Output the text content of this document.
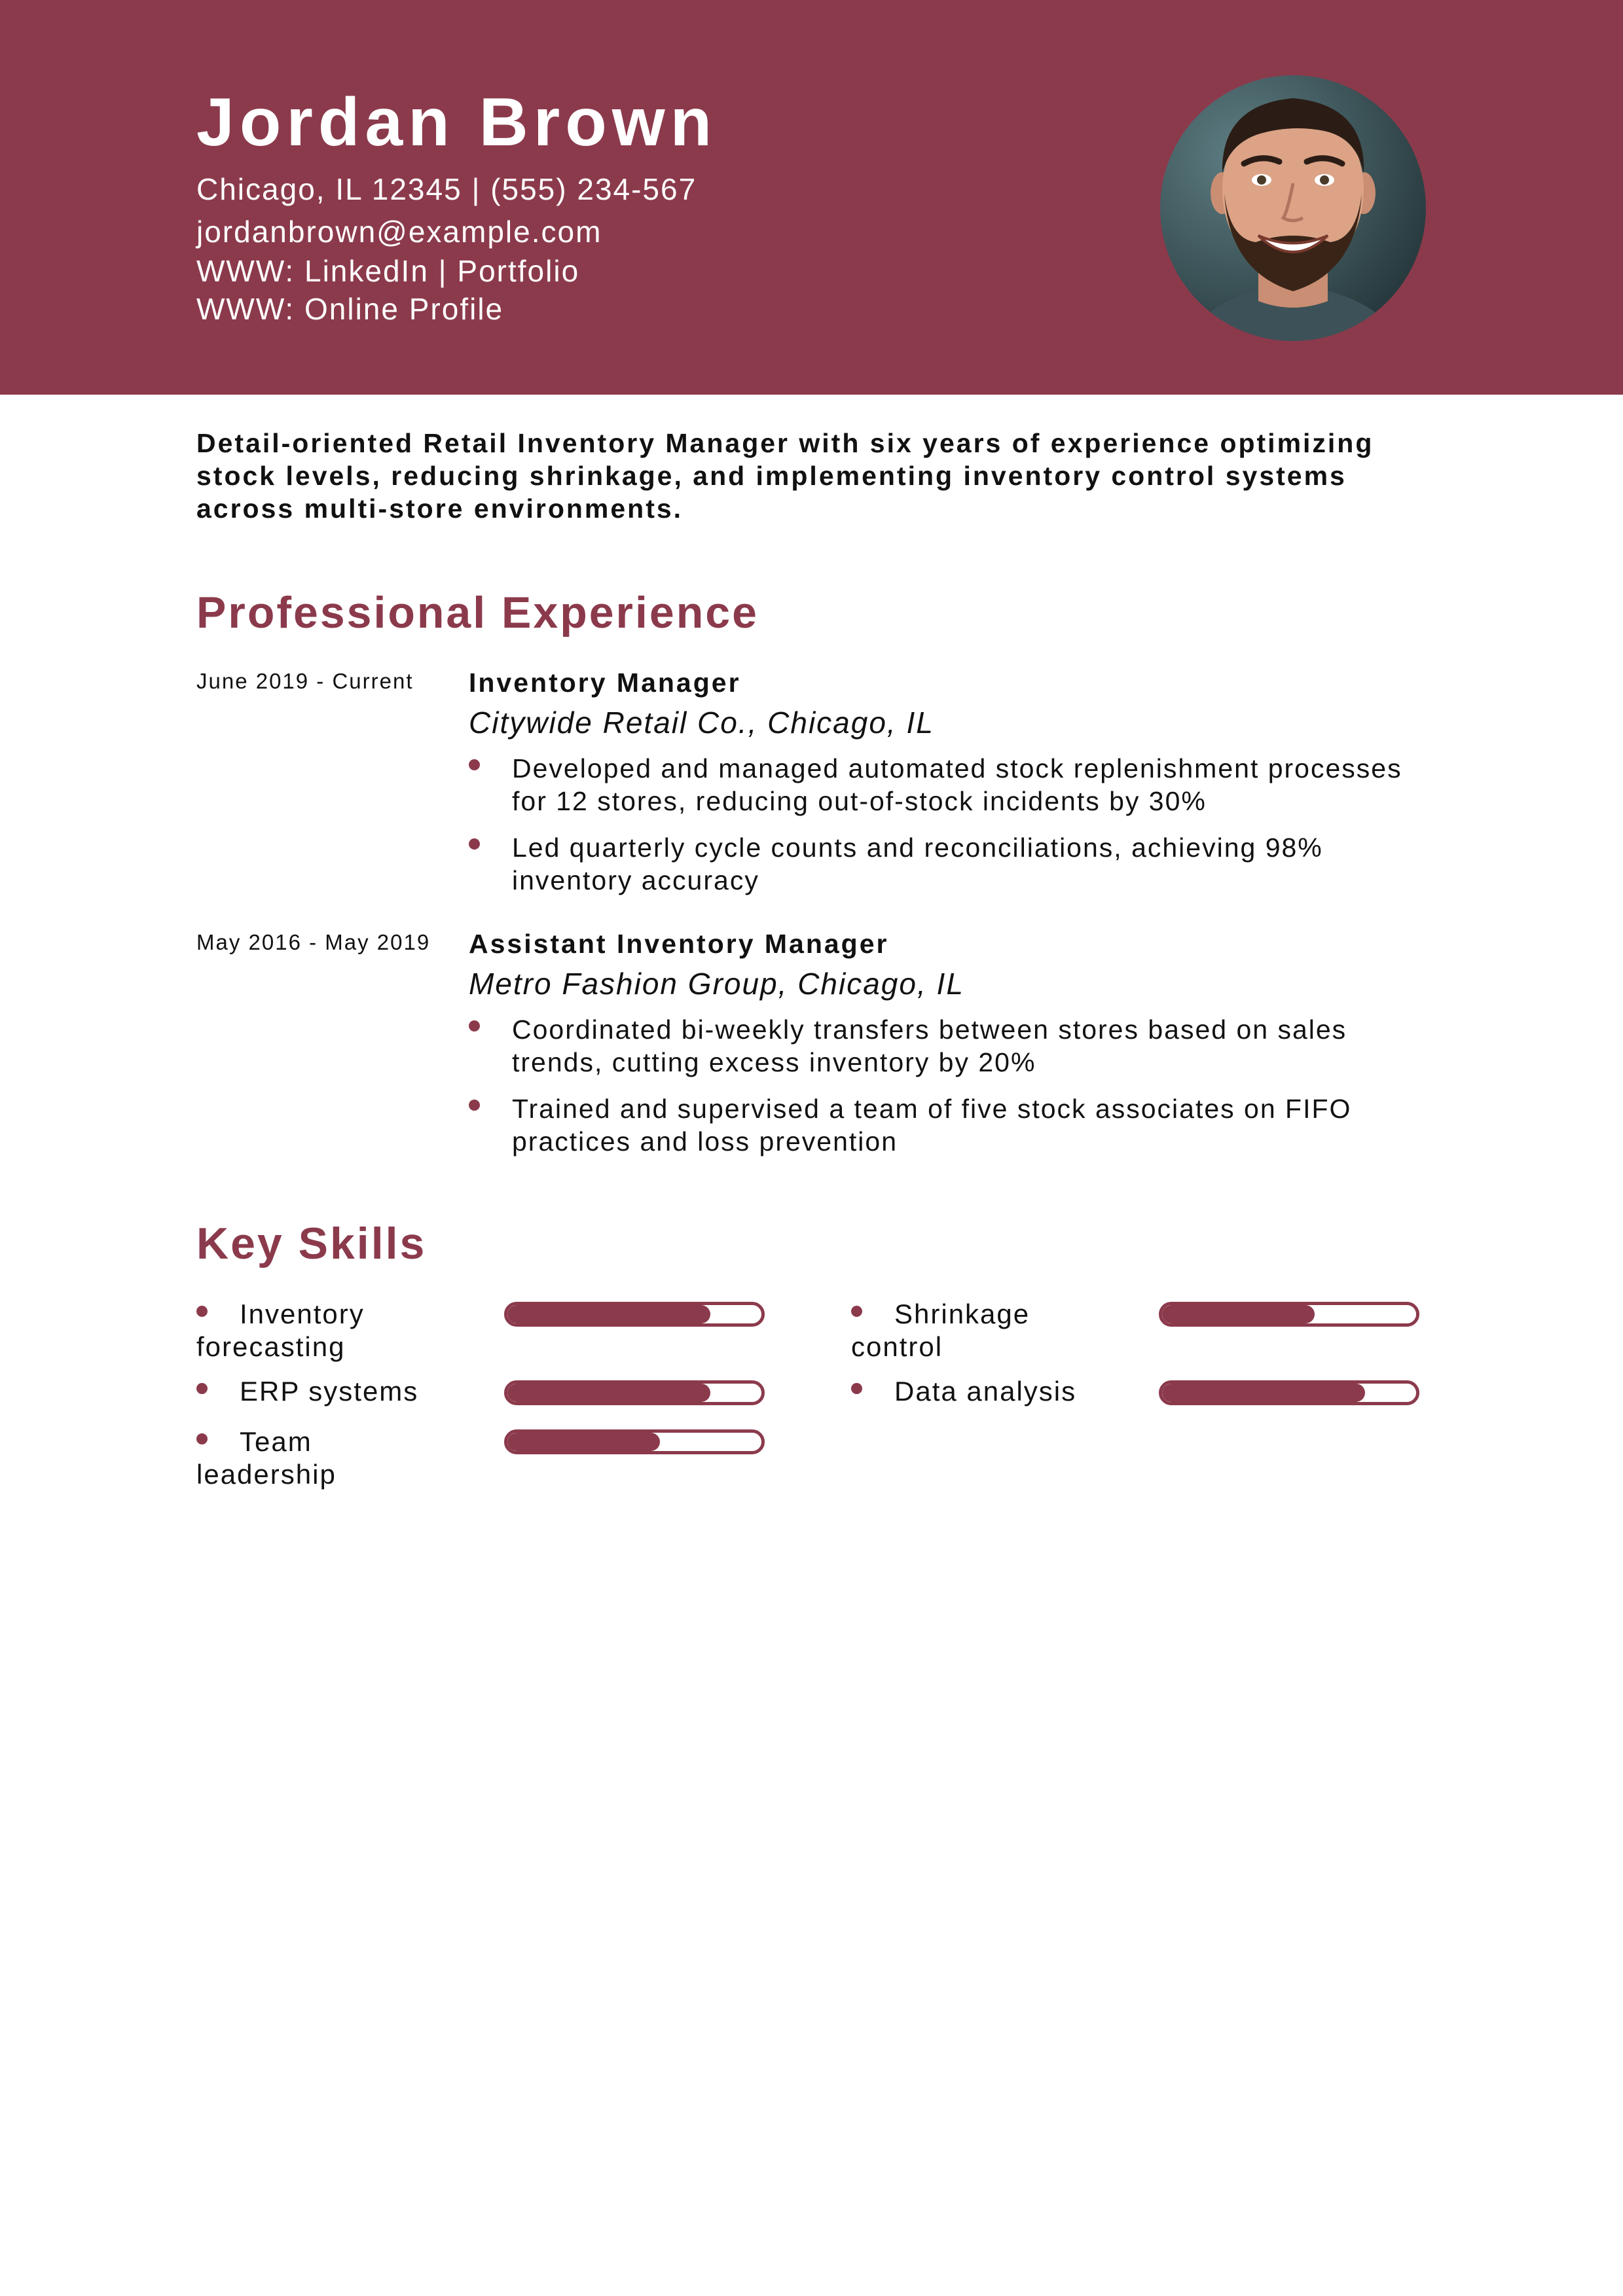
Jordan Brown
Chicago, IL 12345 | (555) 234-567
jordanbrown@example.com
WWW: LinkedIn | Portfolio
WWW: Online Profile
Detail-oriented Retail Inventory Manager with six years of experience optimizing stock levels, reducing shrinkage, and implementing inventory control systems across multi-store environments.
Professional Experience
June 2019 - Current	Inventory Manager
Citywide Retail Co., Chicago, IL
Developed and managed automated stock replenishment processes for 12 stores, reducing out-of-stock incidents by 30%
Led quarterly cycle counts and reconciliations, achieving 98% inventory accuracy
May 2016 - May 2019 Assistant Inventory Manager
Metro Fashion Group, Chicago, IL
Coordinated bi-weekly transfers between stores based on sales trends, cutting excess inventory by 20%
Trained and supervised a team of five stock associates on FIFO practices and loss prevention
Key Skills
Inventory forecasting
Shrinkage control
ERP systems	Data analysis
Team leadership
